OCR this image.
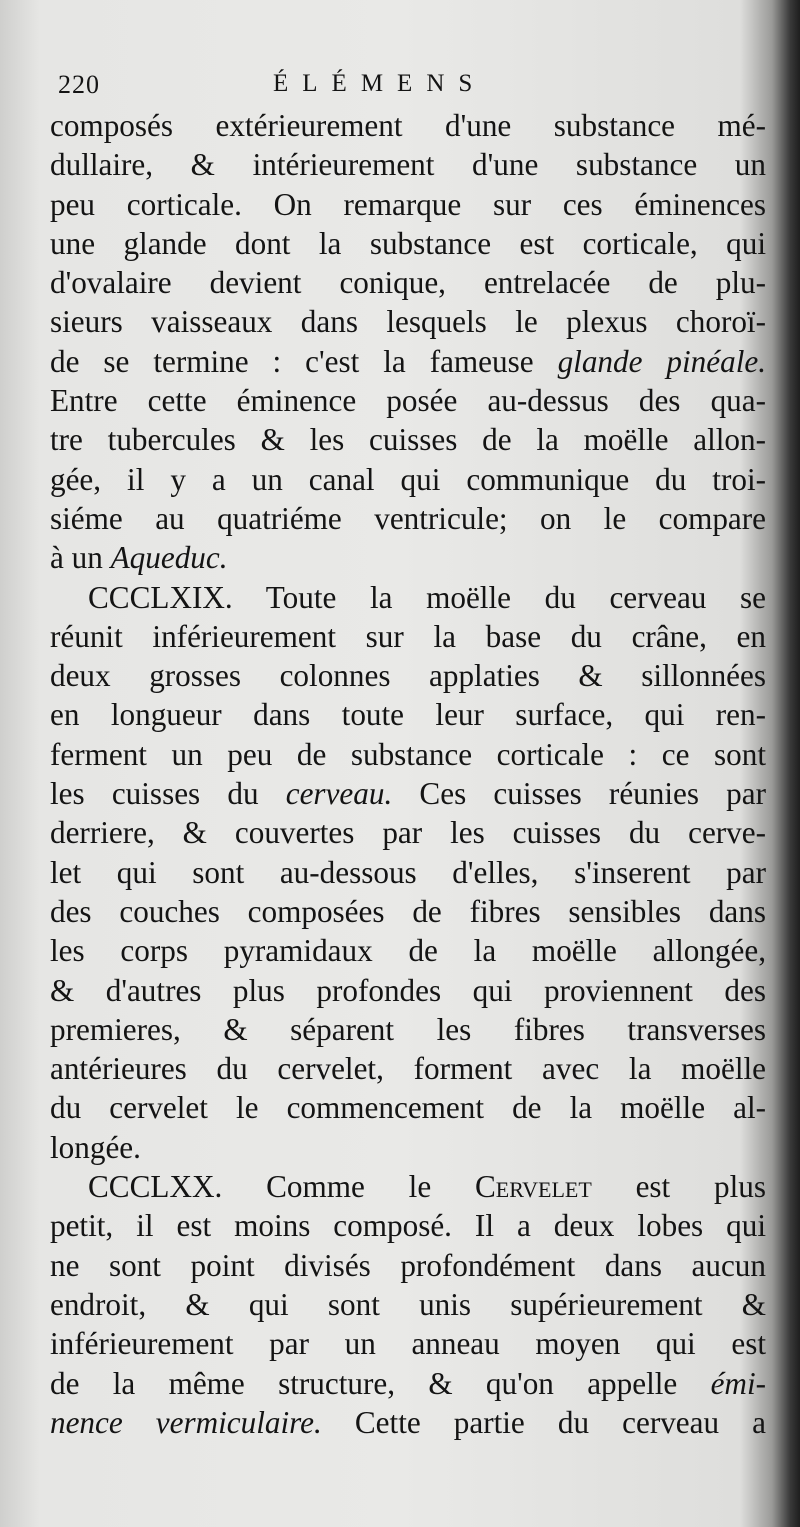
220	ÉLÉMENS
composés extérieurement d'une substance mé-
dullaire, & intérieurement d'une substance un
peu corticale. On remarque sur ces éminences
une glande dont la substance est corticale, qui
d'ovalaire devient conique, entrelacée de plu-
sieurs vaisseaux dans lesquels le plexus choroï-
de se termine : c'est la fameuse glande pinéale.
Entre cette éminence posée au-dessus des qua-
tre tubercules & les cuisses de la moëlle allon-
gée, il y a un canal qui communique du troi-
siéme au quatriéme ventricule; on le compare
à un Aqueduc.
CCCLXIX. Toute la moëlle du cerveau se
réunit inférieurement sur la base du crâne, en
deux grosses colonnes applaties & sillonnées
en longueur dans toute leur surface, qui ren-
ferment un peu de substance corticale : ce sont
les cuisses du cerveau. Ces cuisses réunies par
derriere, & couvertes par les cuisses du cerve-
let qui sont au-dessous d'elles, s'inserent par
des couches composées de fibres sensibles dans
les corps pyramidaux de la moëlle allongée,
& d'autres plus profondes qui proviennent des
premieres, & séparent les fibres transverses
antérieures du cervelet, forment avec la moëlle
du cervelet le commencement de la moëlle al-
longée.
CCCLXX. Comme le Cervelet est plus
petit, il est moins composé. Il a deux lobes qui
ne sont point divisés profondément dans aucun
endroit, & qui sont unis supérieurement &
inférieurement par un anneau moyen qui est
de la même structure, & qu'on appelle émi-
nence vermiculaire. Cette partie du cerveau a
